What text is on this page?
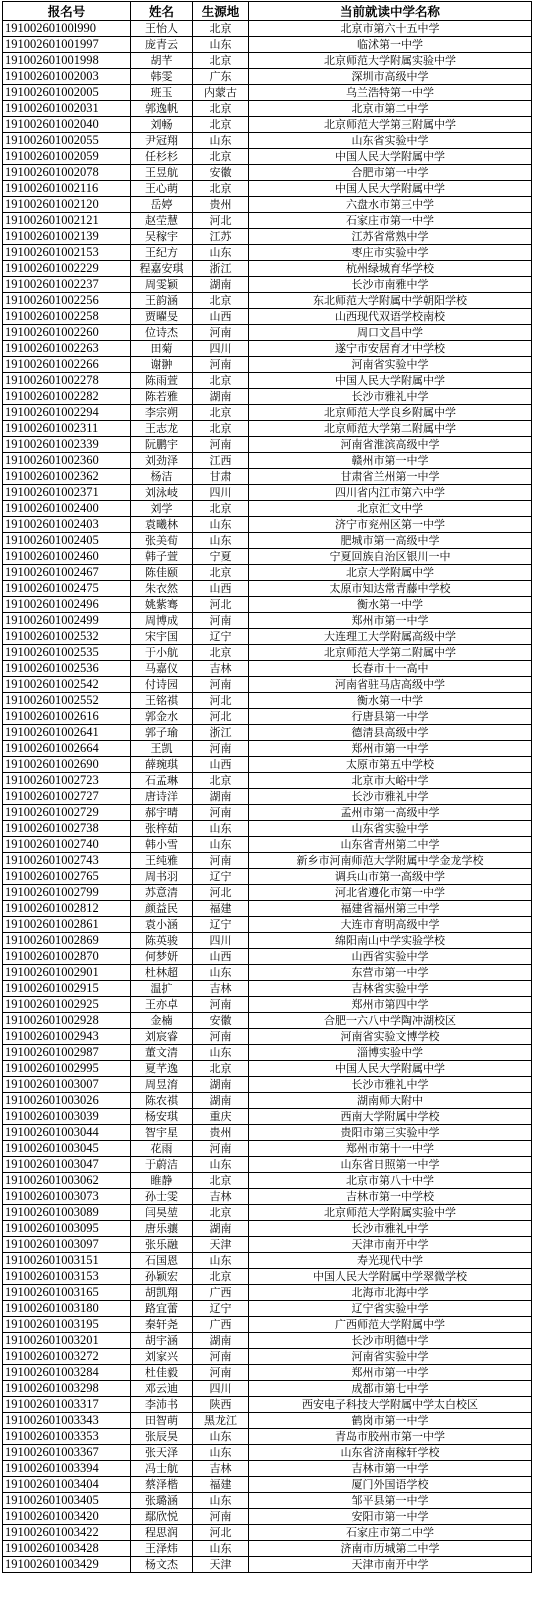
报名号	姓名	生源地	当前就读中学名称
19100260100l990	王怡人	北京	北京市第六十五中学
191002601001997	庞青云	山东	临沭第一中学
191002601001998	胡芊	北京	北京师范大学附属实验中学
191002601002003	韩雯	广东	深圳市高级中学
191002601002005	班玉	内蒙古	乌兰浩特第一中学
191002601002031	郭逸帆	北京	北京市第二中学
191002601002040	刘畅	北京	北京师范大学第三附属中学
191002601002055	尹冠翔	山东	山东省实验中学
191002601002059	任杉杉	北京	中国人民大学附属中学
191002601002078	王昱航	安徽	合肥市第一中学
191002601002116	王心萌	北京	中国人民大学附属中学
191002601002120	岳婷	贵州	六盘水市第三中学
191002601002121	赵茔慧	河北	石家庄市第一中学
191002601002139	吴稼宇	江苏	江苏省常熟中学
191002601002153	王纪方	山东	枣庄市实验中学
191002601002229	程嘉安琪	浙江	杭州绿城育华学校
191002601002237	周雯颖	湖南	长沙市南雅中学
191002601002256	王韵涵	北京	东北师范大学附属中学朝阳学校
191002601002258	贾曜旻	山西	山西现代双语学校南校
191002601002260	位诗杰	河南	周口文昌中学
191002601002263	田菊	四川	遂宁市安居育才中学校
191002601002266	谢翀	河南	河南省实验中学
191002601002278	陈雨萱	北京	中国人民大学附属中学
191002601002282	陈若雅	湖南	长沙市雅礼中学
191002601002294	李宗朔	北京	北京师范大学良乡附属中学
191002601002311	王志龙	北京	北京师范大学第二附属中学
191002601002339	阮鹏宇	河南	河南省淮滨高级中学
191002601002360	刘劲泽	江西	赣州市第一中学
191002601002362	杨洁	甘肃	甘肃省兰州第一中学
191002601002371	刘泳岐	四川	四川省内江市第六中学
191002601002400	刘学	北京	北京汇文中学
191002601002403	袁曦林	山东	济宁市兖州区第一中学
191002601002405	张美荀	山东	肥城市第一高级中学
191002601002460	韩子萱	宁夏	宁夏回族自治区银川一中
191002601002467	陈佳颐	北京	北京大学附属中学
191002601002475	朱衣然	山西	太原市知达常青藤中学校
191002601002496	姚紫骞	河北	衡水第一中学
191002601002499	周博成	河南	郑州市第一中学
191002601002532	宋宇国	辽宁	大连理工大学附属高级中学
191002601002535	于小航	北京	北京师范大学第二附属中学
191002601002536	马嘉仪	吉林	长春市十一高中
191002601002542	付诗园	河南	河南省驻马店高级中学
191002601002552	王铭祺	河北	衡水第一中学
191002601002616	郭金水	河北	行唐县第一中学
191002601002641	郭子瑜	浙江	德清县高级中学
191002601002664	王凯	河南	郑州市第一中学
191002601002690	薛琬琪	山西	太原市第五中学校
191002601002723	石孟琳	北京	北京市大峪中学
191002601002727	唐诗洋	湖南	长沙市雅礼中学
191002601002729	郝宇晴	河南	孟州市第一高级中学
191002601002738	张梓茹	山东	山东省实验中学
191002601002740	韩小雪	山东	山东省青州第二中学
191002601002743	王纯雅	河南	新乡市河南师范大学附属中学金龙学校
191002601002765	周书羽	辽宁	调兵山市第一高级中学
191002601002799	苏意清	河北	河北省遵化市第一中学
191002601002812	颜益民	福建	福建省福州第三中学
191002601002861	袁小涵	辽宁	大连市育明高级中学
191002601002869	陈英骏	四川	绵阳南山中学实验学校
191002601002870	何梦妍	山西	山西省实验中学
191002601002901	杜林超	山东	东营市第一中学
191002601002915	温扩	吉林	吉林省实验中学
191002601002925	王亦卓	河南	郑州市第四中学
191002601002928	金楠	安徽	合肥一六八中学陶冲湖校区
191002601002943	刘宸睿	河南	河南省实验文博学校
191002601002987	董文清	山东	淄博实验中学
191002601002995	夏芊逸	北京	中国人民大学附属中学
191002601003007	周昱淯	湖南	长沙市雅礼中学
191002601003026	陈农祺	湖南	湖南师大附中
191002601003039	杨安琪	重庆	西南大学附属中学校
191002601003044	智宇星	贵州	贵阳市第三实验中学
191002601003045	花雨	河南	郑州市第十一中学
191002601003047	于蔚洁	山东	山东省日照第一中学
191002601003062	睢静	北京	北京市第八十中学
191002601003073	孙士雯	吉林	吉林市第一中学校
191002601003089	闫昊堃	北京	北京师范大学附属实验中学
191002601003095	唐乐骧	湖南	长沙市雅礼中学
191002601003097	张乐融	天津	天津市南开中学
191002601003151	石国恩	山东	寿光现代中学
191002601003153	孙颖宏	北京	中国人民大学附属中学翠微学校
191002601003165	胡凯翔	广西	北海市北海中学
191002601003180	路宜蕾	辽宁	辽宁省实验中学
191002601003195	秦轩尧	广西	广西师范大学附属中学
191002601003201	胡宇涵	湖南	长沙市明德中学
191002601003272	刘家兴	河南	河南省实验中学
191002601003284	杜佳毅	河南	郑州市第一中学
191002601003298	邓云迪	四川	成都市第七中学
191002601003317	李沛书	陕西	西安电子科技大学附属中学太白校区
191002601003343	田智萌	黑龙江	鹤岗市第一中学
191002601003353	张辰昊	山东	青岛市胶州市第一中学
191002601003367	张天泽	山东	山东省济南稼轩学校
191002601003394	冯士航	吉林	吉林市第一中学
191002601003404	蔡泽楷	福建	厦门外国语学校
191002601003405	张璐涵	山东	邹平县第一中学
191002601003420	鄢欣悦	河南	安阳市第一中学
191002601003422	程思润	河北	石家庄市第二中学
191002601003428	王泽炜	山东	济南市历城第二中学
191002601003429	杨文杰	天津	天津市南开中学
